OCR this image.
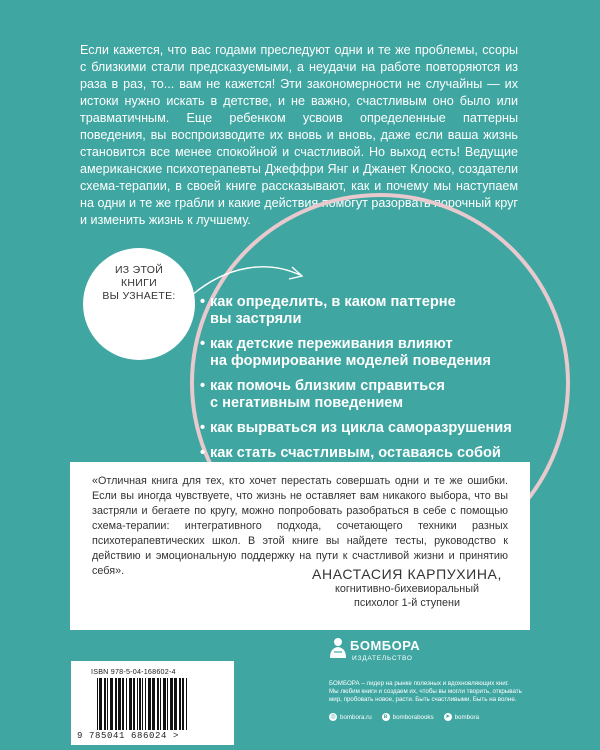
Если кажется, что вас годами преследуют одни и те же проблемы, ссоры с близкими стали предсказуемыми, а неудачи на работе повторяются из раза в раз, то... вам не кажется! Эти закономерности не случайны — их истоки нужно искать в детстве, и не важно, счастливым оно было или травматичным. Еще ребенком усвоив определенные паттерны поведения, вы воспроизводите их вновь и вновь, даже если ваша жизнь становится все менее спокойной и счастливой. Но выход есть! Ведущие американские психотерапевты Джеффри Янг и Джанет Клоско, создатели схема-терапии, в своей книге рассказывают, как и почему мы наступаем на одни и те же грабли и какие действия помогут разорвать порочный круг и изменить жизнь к лучшему.
ИЗ ЭТОЙ
КНИГИ
ВЫ УЗНАЕТЕ:	• как определить, в каком паттерне
вы застряли
• как детские переживания влияют
на формирование моделей поведения
• как помочь близким справиться
с негативным поведением
• как вырваться из цикла саморазрушения
• как стать счастливым, оставаясь собой
«Отличная книга для тех, кто хочет перестать совершать одни и те же ошибки. Если вы иногда чувствуете, что жизнь не оставляет вам никакого выбора, что вы застряли и бегаете по кругу, можно попробовать разобраться в себе с помощью схема-терапии: интегративного подхода, сочетающего техники разных психотерапевтических школ. В этой книге вы найдете тесты, руководство к действию и эмоциональную поддержку на пути к счастливой жизни и принятию себя».	АНАСТАСИЯ КАРПУХИНА,
когнитивно-бихевиоральный
психолог 1-й ступени
ISBN 978-5-04-168602-4
9 785041 686024 >
БОМБОРА
ИЗДАТЕЛЬСТВО
БОМБОРА – лидер на рынке полезных и вдохновляющих книг.
Мы любим книги и создаем их, чтобы вы могли творить, открывать
мир, пробовать новое, расти. Быть счастливыми. Быть на волне.
◎ bombora.ru	в bomborabooks ➤ bombora
